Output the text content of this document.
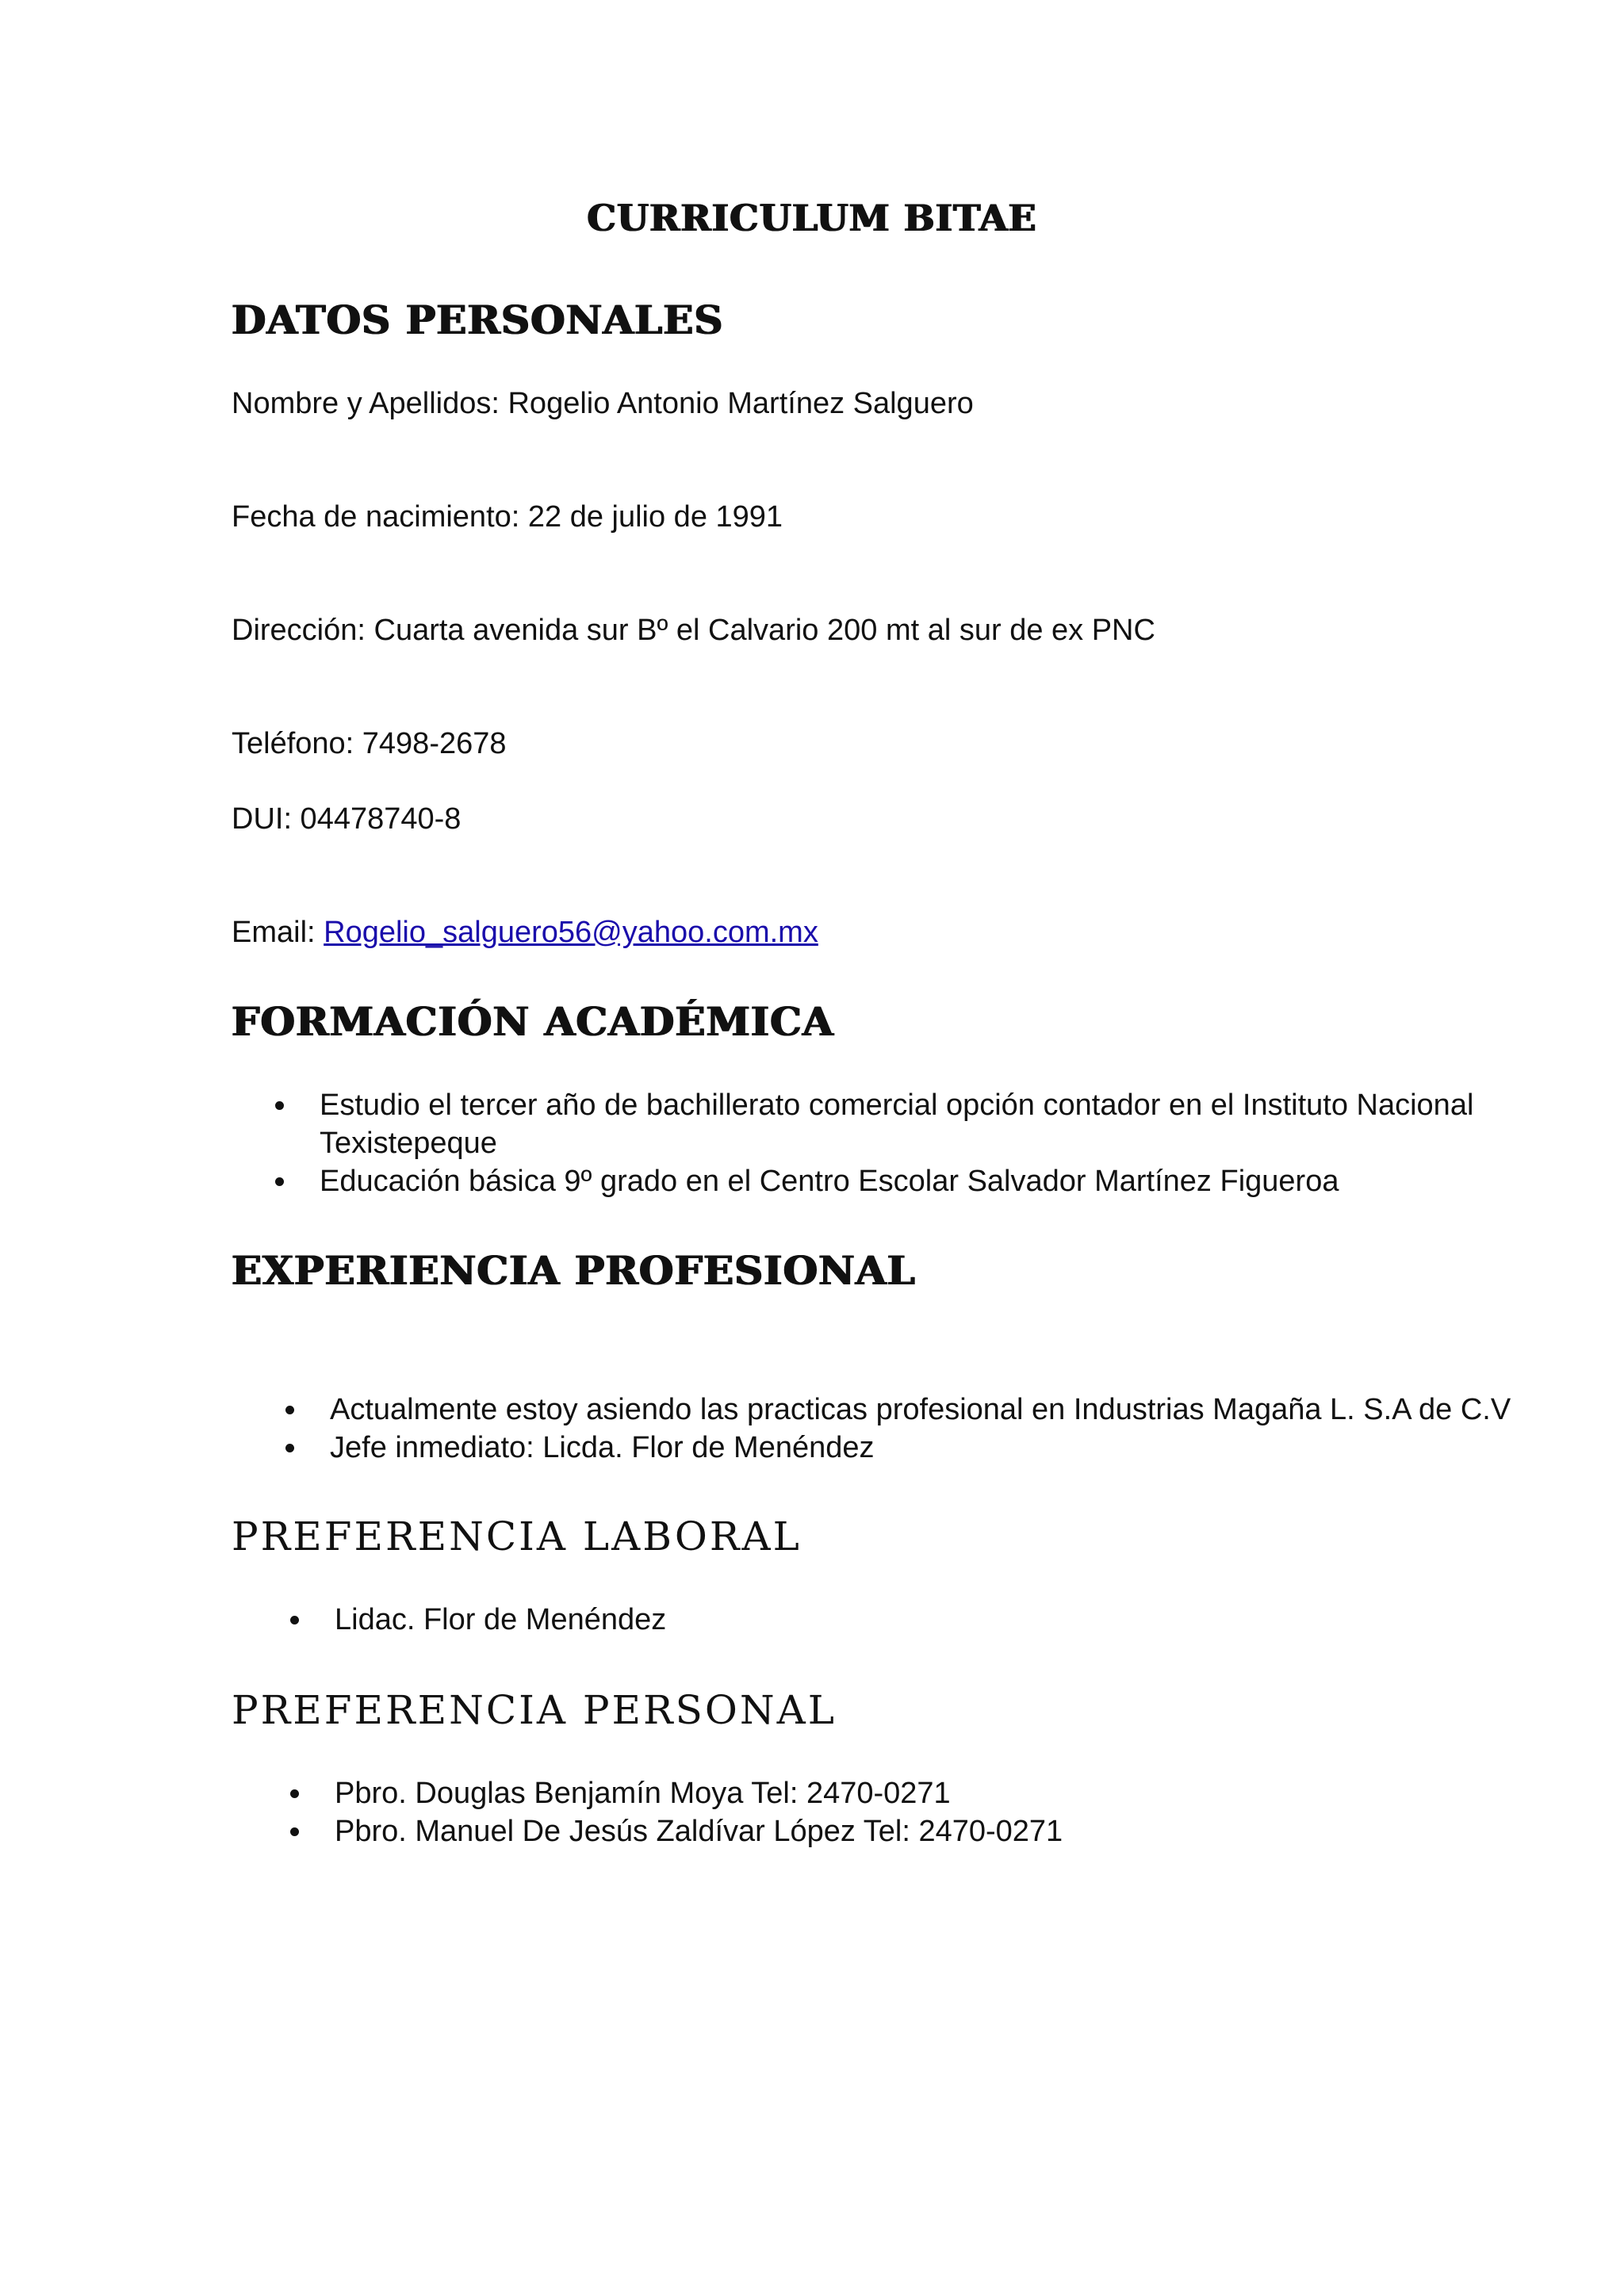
CURRICULUM BITAE
DATOS PERSONALES

Nombre y Apellidos: Rogelio Antonio Martínez Salguero

Fecha de nacimiento: 22 de julio de 1991

Dirección: Cuarta avenida sur Bº el Calvario 200 mt al sur de ex PNC

Teléfono: 7498-2678

DUI: 04478740-8

Email: Rogelio_salguero56@yahoo.com.mx

FORMACIÓN ACADÉMICA
Estudio el tercer año de bachillerato comercial opción contador en el Instituto Nacional
Texistepeque
Educación básica 9º grado en el Centro Escolar Salvador Martínez Figueroa
EXPERIENCIA PROFESIONAL
Actualmente estoy asiendo las practicas profesional en Industrias Magaña L. S.A de C.V
Jefe inmediato: Licda. Flor de Menéndez
PREFERENCIA LABORAL
Lidac. Flor de Menéndez
PREFERENCIA PERSONAL
Pbro. Douglas Benjamín Moya Tel: 2470-0271
Pbro. Manuel De Jesús Zaldívar López Tel: 2470-0271
